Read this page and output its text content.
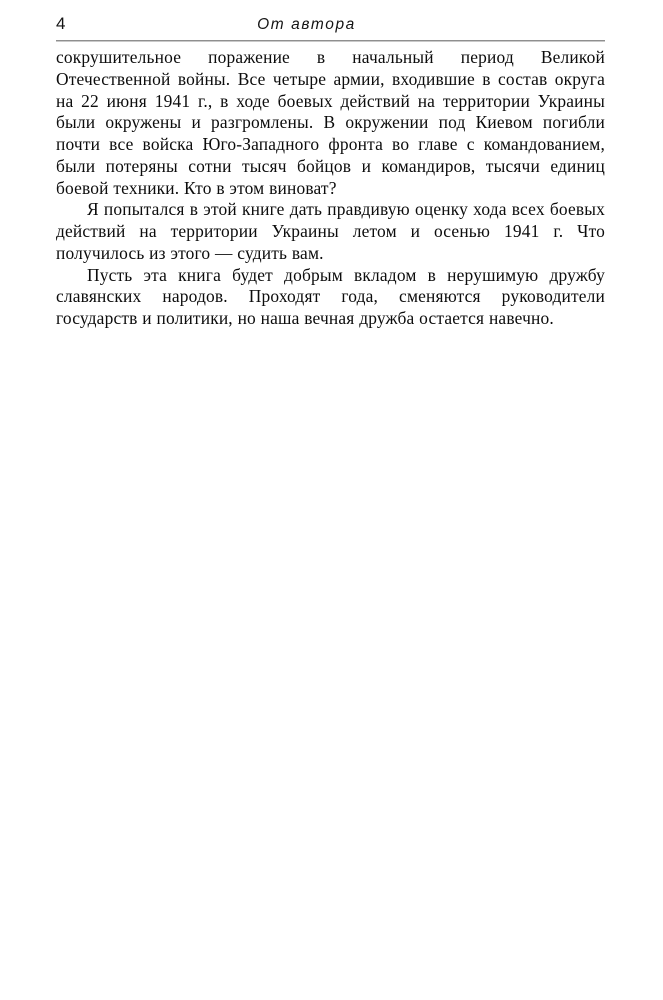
4	От автора

сокрушительное поражение в начальный период Великой Отечественной войны. Все четыре армии, входившие в состав округа на 22 июня 1941 г., в ходе боевых действий на территории Украины были окружены и разгромлены. В окружении под Киевом погибли почти все войска Юго-Западного фронта во главе с командованием, были потеряны сотни тысяч бойцов и командиров, тысячи единиц боевой техники. Кто в этом виноват?

Я попытался в этой книге дать правдивую оценку хода всех боевых действий на территории Украины летом и осенью 1941 г. Что получилось из этого — судить вам.

Пусть эта книга будет добрым вкладом в нерушимую дружбу славянских народов. Проходят года, сменяются руководители государств и политики, но наша вечная дружба остается навечно.
